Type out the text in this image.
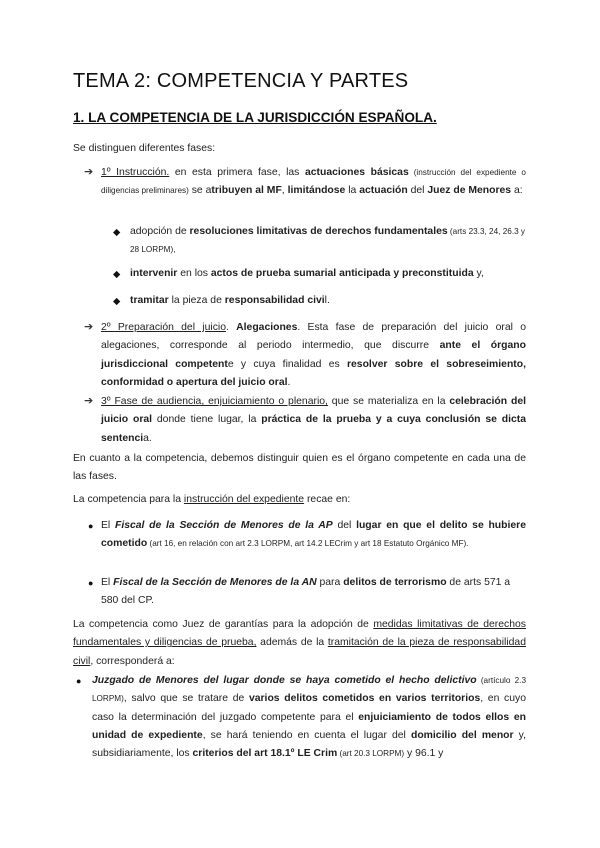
TEMA 2: COMPETENCIA Y PARTES
1. LA COMPETENCIA DE LA JURISDICCIÓN ESPAÑOLA.
Se distinguen diferentes fases:
➔ 1º Instrucción. en esta primera fase, las actuaciones básicas (instrucción del expediente o diligencias preliminares) se atribuyen al MF, limitándose la actuación del Juez de Menores a:
◆ adopción de resoluciones limitativas de derechos fundamentales (arts 23.3, 24, 26.3 y 28 LORPM),
◆ intervenir en los actos de prueba sumarial anticipada y preconstituida y,
◆ tramitar la pieza de responsabilidad civil.
➔ 2º Preparación del juicio. Alegaciones. Esta fase de preparación del juicio oral o alegaciones, corresponde al periodo intermedio, que discurre ante el órgano jurisdiccional competente y cuya finalidad es resolver sobre el sobreseimiento, conformidad o apertura del juicio oral.
➔ 3º Fase de audiencia, enjuiciamiento o plenario, que se materializa en la celebración del juicio oral donde tiene lugar, la práctica de la prueba y a cuya conclusión se dicta sentencia.
En cuanto a la competencia, debemos distinguir quien es el órgano competente en cada una de las fases.
La competencia para la instrucción del expediente recae en:
● El Fiscal de la Sección de Menores de la AP del lugar en que el delito se hubiere cometido (art 16, en relación con art 2.3 LORPM, art 14.2 LECrim y art 18 Estatuto Orgánico MF).
● El Fiscal de la Sección de Menores de la AN para delitos de terrorismo de arts 571 a 580 del CP.
La competencia como Juez de garantías para la adopción de medidas limitativas de derechos fundamentales y diligencias de prueba, además de la tramitación de la pieza de responsabilidad civil, corresponderá a:
● Juzgado de Menores del lugar donde se haya cometido el hecho delictivo (artículo 2.3 LORPM), salvo que se tratare de varios delitos cometidos en varios territorios, en cuyo caso la determinación del juzgado competente para el enjuiciamiento de todos ellos en unidad de expediente, se hará teniendo en cuenta el lugar del domicilio del menor y, subsidiariamente, los criterios del art 18.1º LE Crim (art 20.3 LORPM) y 96.1 y
